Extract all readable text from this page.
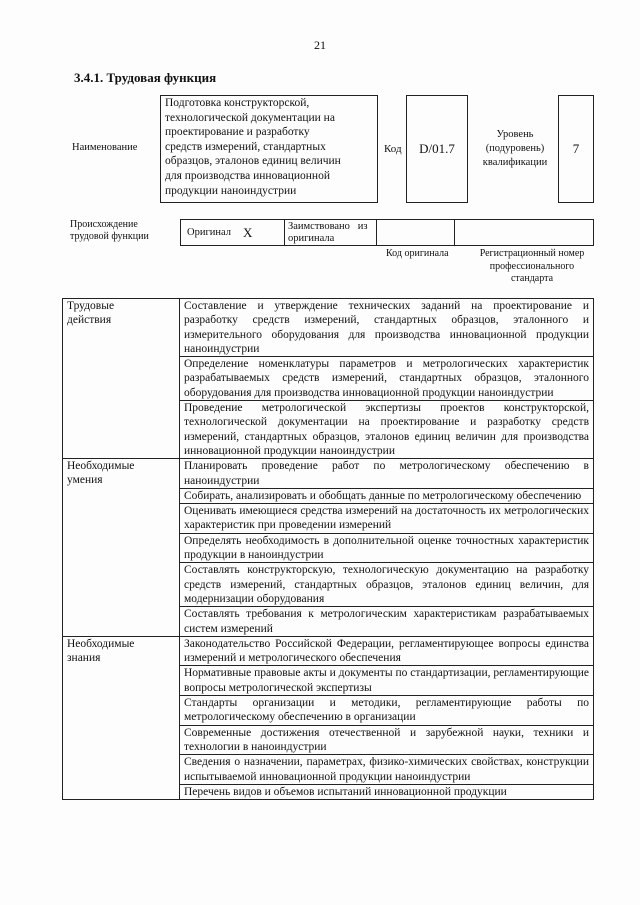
21
3.4.1. Трудовая функция
Наименование
Подготовка конструкторской,
технологической документации на
проектирование и разработку
средств измерений, стандартных
образцов, эталонов единиц величин
для производства инновационной
продукции наноиндустрии
Код	D/01.7
Уровень
(подуровень)
квалификации
7
Происхождение
трудовой функции	Оригинал X	Заимствовано   из
оригинала
Код оригинала	Регистрационный номер
профессионального
стандарта
Трудовые
действия	Составление и утверждение технических заданий на проектирование и разработку средств измерений, стандартных образцов, эталонного и измерительного оборудования для производства инновационной продукции наноиндустрии
	Определение номенклатуры параметров и метрологических характеристик разрабатываемых средств измерений, стандартных образцов, эталонного оборудования для производства инновационной продукции наноиндустрии
	Проведение метрологической экспертизы проектов конструкторской, технологической документации на проектирование и разработку средств измерений, стандартных образцов, эталонов единиц величин для производства инновационной продукции наноиндустрии

Необходимые
умения	Планировать проведение работ по метрологическому обеспечению в наноиндустрии
	Собирать, анализировать и обобщать данные по метрологическому обеспечению
	Оценивать имеющиеся средства измерений на достаточность их метрологических характеристик при проведении измерений
	Определять необходимость в дополнительной оценке точностных характеристик продукции в наноиндустрии
	Составлять конструкторскую, технологическую документацию на разработку средств измерений, стандартных образцов, эталонов единиц величин, для модернизации оборудования
	Составлять требования к метрологическим характеристикам разрабатываемых систем измерений

Необходимые
знания	Законодательство Российской Федерации, регламентирующее вопросы единства измерений и метрологического обеспечения
	Нормативные правовые акты и документы по стандартизации, регламентирующие вопросы метрологической экспертизы
	Стандарты организации и методики, регламентирующие работы по метрологическому обеспечению в организации
	Современные достижения отечественной и зарубежной науки, техники и технологии в наноиндустрии
	Сведения о назначении, параметрах, физико-химических свойствах, конструкции испытываемой инновационной продукции наноиндустрии
	Перечень видов и объемов испытаний инновационной продукции
